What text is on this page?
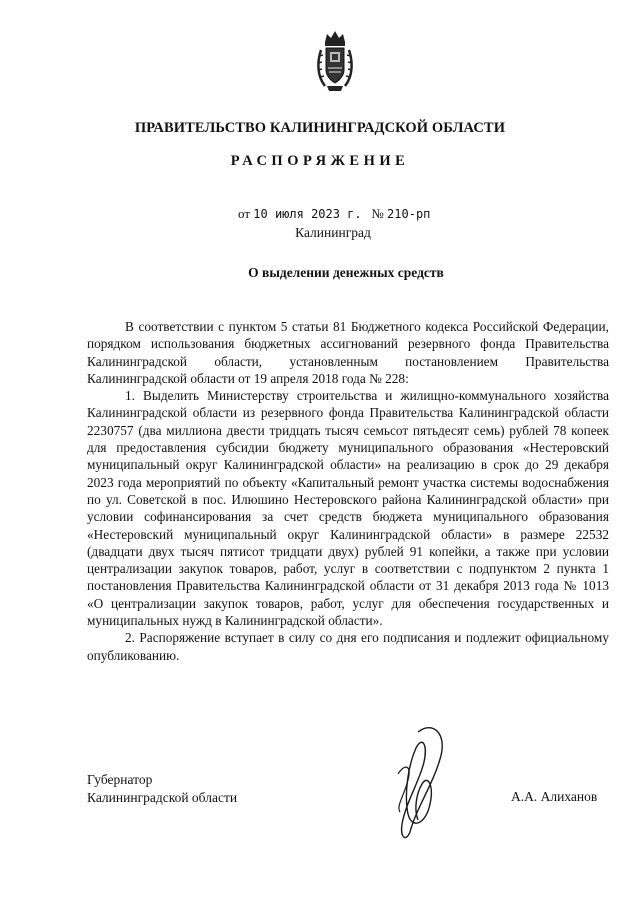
ПРАВИТЕЛЬСТВО КАЛИНИНГРАДСКОЙ ОБЛАСТИ
РАСПОРЯЖЕНИЕ
от 10 июля 2023 г. № 210-рп
Калининград
О выделении денежных средств

В соответствии с пунктом 5 статьи 81 Бюджетного кодекса Российской Федерации, порядком использования бюджетных ассигнований резервного фонда Правительства Калининградской области, установленным постановлением Правительства Калининградской области от 19 апреля 2018 года № 228:

1. Выделить Министерству строительства и жилищно-коммунального хозяйства Калининградской области из резервного фонда Правительства Калининградской области 2230757 (два миллиона двести тридцать тысяч семьсот пятьдесят семь) рублей 78 копеек для предоставления субсидии бюджету муниципального образования «Нестеровский муниципальный округ Калининградской области» на реализацию в срок до 29 декабря 2023 года мероприятий по объекту «Капитальный ремонт участка системы водоснабжения по ул. Советской в пос. Илюшино Нестеровского района Калининградской области» при условии софинансирования за счет средств бюджета муниципального образования «Нестеровский муниципальный округ Калининградской области» в размере 22532 (двадцати двух тысяч пятисот тридцати двух) рублей 91 копейки, а также при условии централизации закупок товаров, работ, услуг в соответствии с подпунктом 2 пункта 1 постановления Правительства Калининградской области от 31 декабря 2013 года № 1013 «О централизации закупок товаров, работ, услуг для обеспечения государственных и муниципальных нужд в Калининградской области».

2. Распоряжение вступает в силу со дня его подписания и подлежит официальному опубликованию.

Губернатор
Калининградской области	А.А. Алиханов
